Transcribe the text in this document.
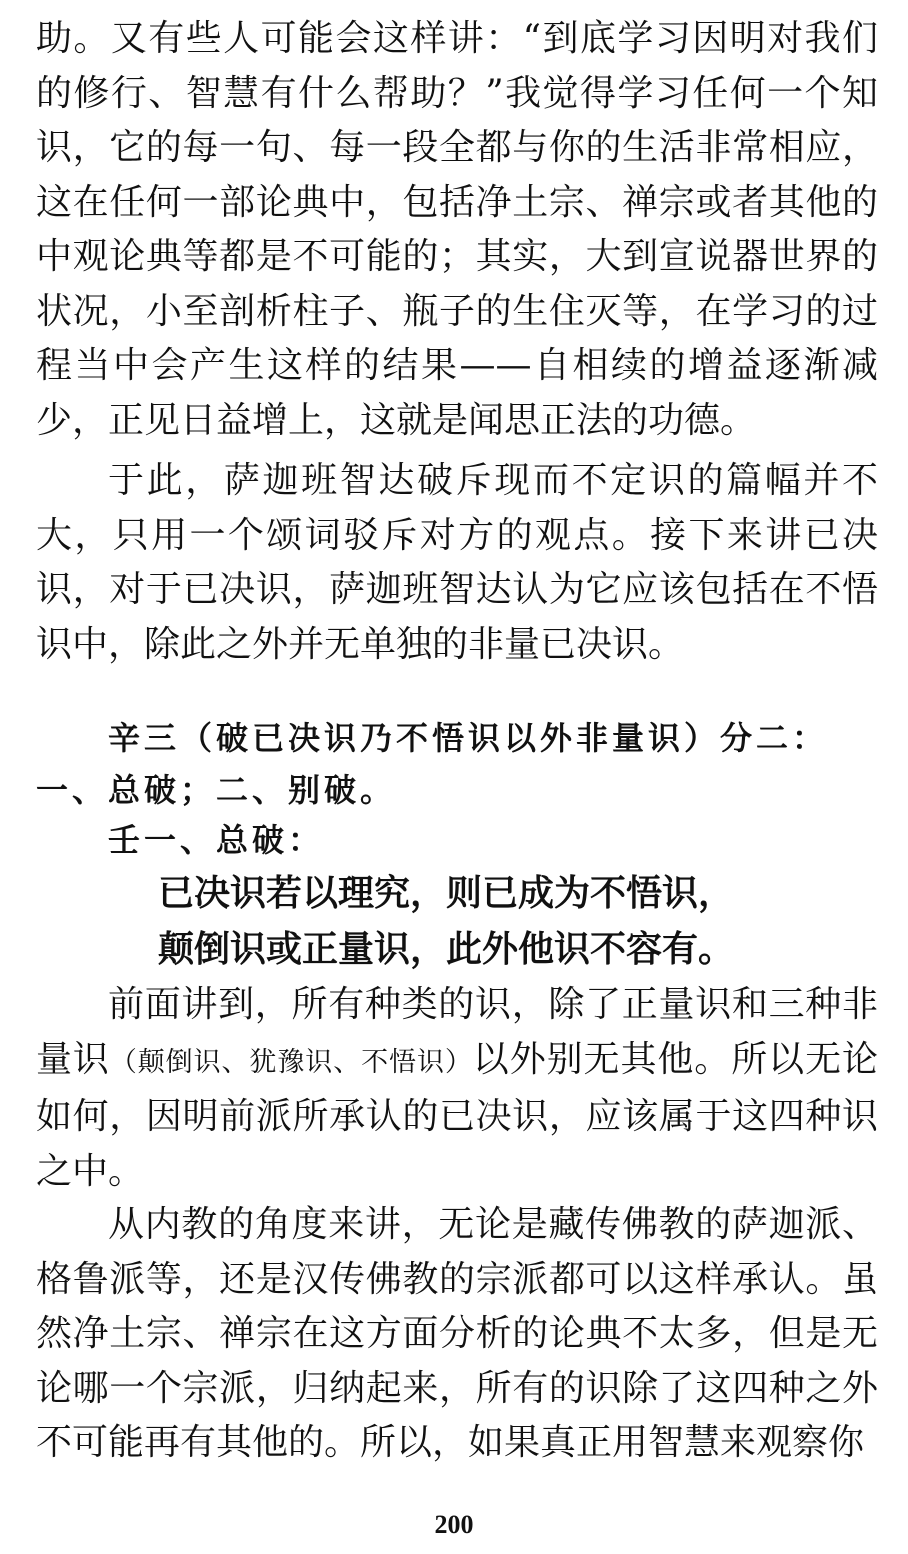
助。又有些人可能会这样讲：“到底学习因明对我们的修行、智慧有什么帮助？”我觉得学习任何一个知识，它的每一句、每一段全都与你的生活非常相应，这在任何一部论典中，包括净土宗、禅宗或者其他的中观论典等都是不可能的；其实，大到宣说器世界的状况，小至剖析柱子、瓶子的生住灭等，在学习的过程当中会产生这样的结果——自相续的增益逐渐减少，正见日益增上，这就是闻思正法的功德。

于此，萨迦班智达破斥现而不定识的篇幅并不大，只用一个颂词驳斥对方的观点。接下来讲已决识，对于已决识，萨迦班智达认为它应该包括在不悟识中，除此之外并无单独的非量已决识。

辛三（破已决识乃不悟识以外非量识）分二：一、总破；二、别破。

壬一、总破：

已决识若以理究，则已成为不悟识，

颠倒识或正量识，此外他识不容有。

前面讲到，所有种类的识，除了正量识和三种非量识（颠倒识、犹豫识、不悟识）以外别无其他。所以无论如何，因明前派所承认的已决识，应该属于这四种识之中。

从内教的角度来讲，无论是藏传佛教的萨迦派、格鲁派等，还是汉传佛教的宗派都可以这样承认。虽然净土宗、禅宗在这方面分析的论典不太多，但是无论哪一个宗派，归纳起来，所有的识除了这四种之外不可能再有其他的。所以，如果真正用智慧来观察你

200
